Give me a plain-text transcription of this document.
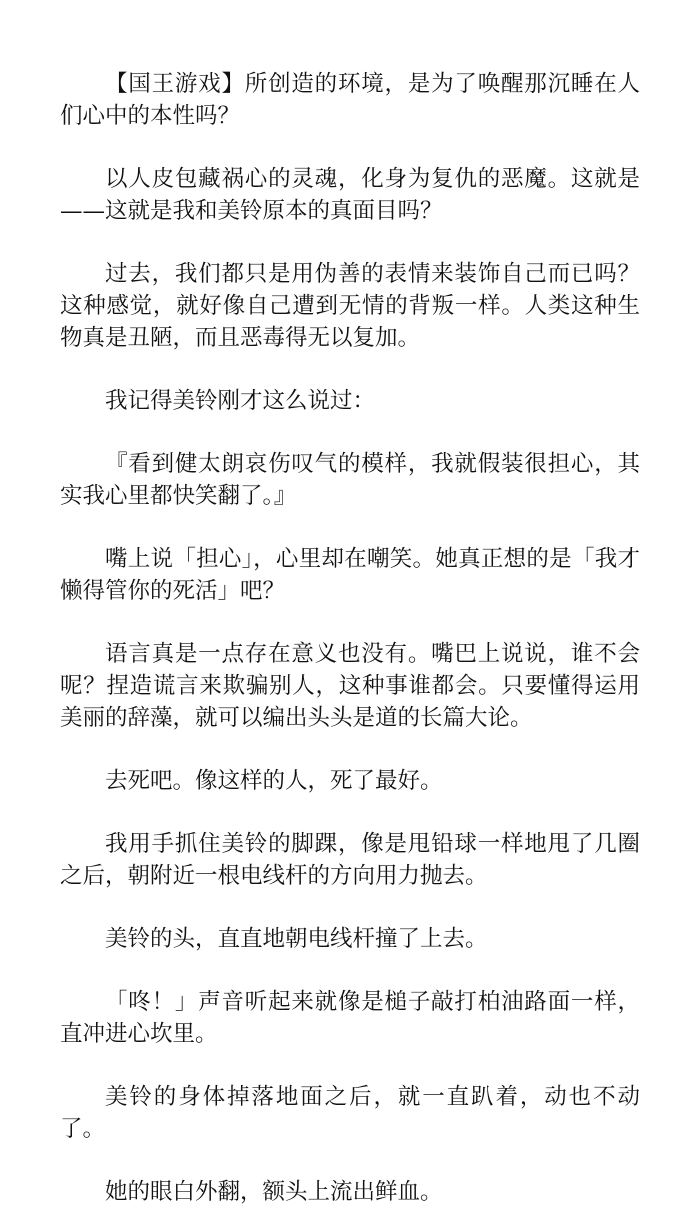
【国王游戏】所创造的环境，是为了唤醒那沉睡在人们心中的本性吗？

以人皮包藏祸心的灵魂，化身为复仇的恶魔。这就是——这就是我和美铃原本的真面目吗？

过去，我们都只是用伪善的表情来装饰自己而已吗？这种感觉，就好像自己遭到无情的背叛一样。人类这种生物真是丑陋，而且恶毒得无以复加。

我记得美铃刚才这么说过：

『看到健太朗哀伤叹气的模样，我就假装很担心，其实我心里都快笑翻了。』

嘴上说「担心」，心里却在嘲笑。她真正想的是「我才懒得管你的死活」吧？

语言真是一点存在意义也没有。嘴巴上说说，谁不会呢？捏造谎言来欺骗别人，这种事谁都会。只要懂得运用美丽的辞藻，就可以编出头头是道的长篇大论。

去死吧。像这样的人，死了最好。

我用手抓住美铃的脚踝，像是甩铅球一样地甩了几圈之后，朝附近一根电线杆的方向用力抛去。

美铃的头，直直地朝电线杆撞了上去。

「咚！」声音听起来就像是槌子敲打柏油路面一样，直冲进心坎里。

美铃的身体掉落地面之后，就一直趴着，动也不动了。

她的眼白外翻，额头上流出鲜血。
